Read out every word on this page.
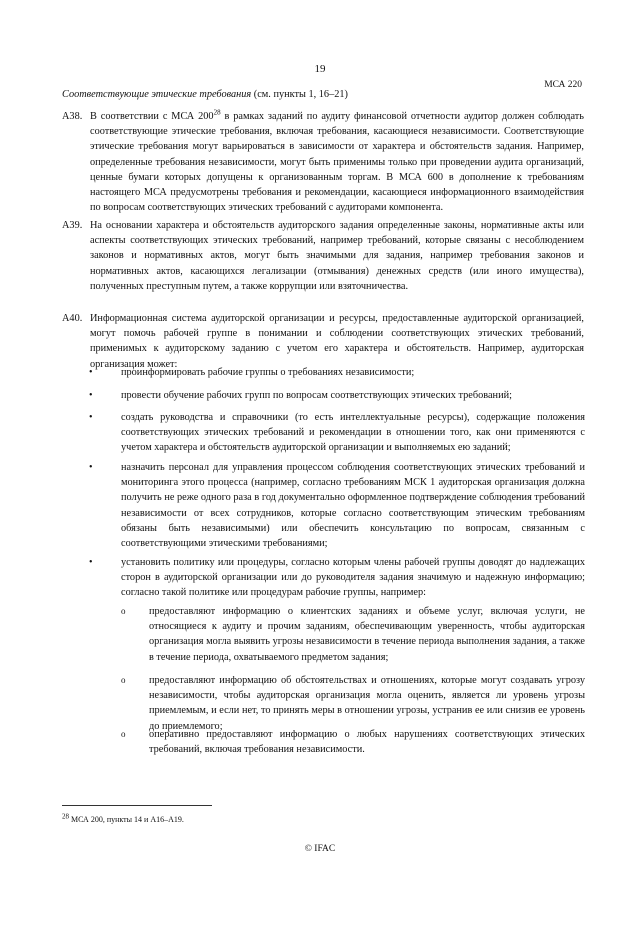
19
МСА 220
Соответствующие этические требования (см. пункты 1, 16–21)
A38. В соответствии с МСА $200^{28}$ в рамках заданий по аудиту финансовой отчетности аудитор должен соблюдать соответствующие этические требования, включая требования, касающиеся независимости. Соответствующие этические требования могут варьироваться в зависимости от характера и обстоятельств задания. Например, определенные требования независимости, могут быть применимы только при проведении аудита организаций, ценные бумаги которых допущены к организованным торгам. В МСА 600 в дополнение к требованиям настоящего МСА предусмотрены требования и рекомендации, касающиеся информационного взаимодействия по вопросам соответствующих этических требований с аудиторами компонента.
A39. На основании характера и обстоятельств аудиторского задания определенные законы, нормативные акты или аспекты соответствующих этических требований, например требований, которые связаны с несоблюдением законов и нормативных актов, могут быть значимыми для задания, например требования законов и нормативных актов, касающихся легализации (отмывания) денежных средств (или иного имущества), полученных преступным путем, а также коррупции или взяточничества.
A40. Информационная система аудиторской организации и ресурсы, предоставленные аудиторской организацией, могут помочь рабочей группе в понимании и соблюдении соответствующих этических требований, применимых к аудиторскому заданию с учетом его характера и обстоятельств. Например, аудиторская организация может:
•	проинформировать рабочие группы о требованиях независимости;
•	провести обучение рабочих групп по вопросам соответствующих этических требований;
•	создать руководства и справочники (то есть интеллектуальные ресурсы), содержащие положения соответствующих этических требований и рекомендации в отношении того, как они применяются с учетом характера и обстоятельств аудиторской организации и выполняемых ею заданий;
•	назначить персонал для управления процессом соблюдения соответствующих этических требований и мониторинга этого процесса (например, согласно требованиям МСК 1 аудиторская организация должна получить не реже одного раза в год документально оформленное подтверждение соблюдения требований независимости от всех сотрудников, которые согласно соответствующим этическим требованиям обязаны быть независимыми) или обеспечить консультацию по вопросам, связанным с соответствующими этическими требованиями;
•	установить политику или процедуры, согласно которым члены рабочей группы доводят до надлежащих сторон в аудиторской организации или до руководителя задания значимую и надежную информацию; согласно такой политике или процедурам рабочие группы, например:
o предоставляют информацию о клиентских заданиях и объеме услуг, включая услуги, не относящиеся к аудиту и прочим заданиям, обеспечивающим уверенность, чтобы аудиторская организация могла выявить угрозы независимости в течение периода выполнения задания, а также в течение периода, охватываемого предметом задания;
o предоставляют информацию об обстоятельствах и отношениях, которые могут создавать угрозу независимости, чтобы аудиторская организация могла оценить, является ли уровень угрозы приемлемым, и если нет, то принять меры в отношении угрозы, устранив ее или снизив ее уровень до приемлемого;
o оперативно предоставляют информацию о любых нарушениях соответствующих этических требований, включая требования независимости.
$^{28}$ МСА 200, пункты 14 и A16–A19.
© IFAC
